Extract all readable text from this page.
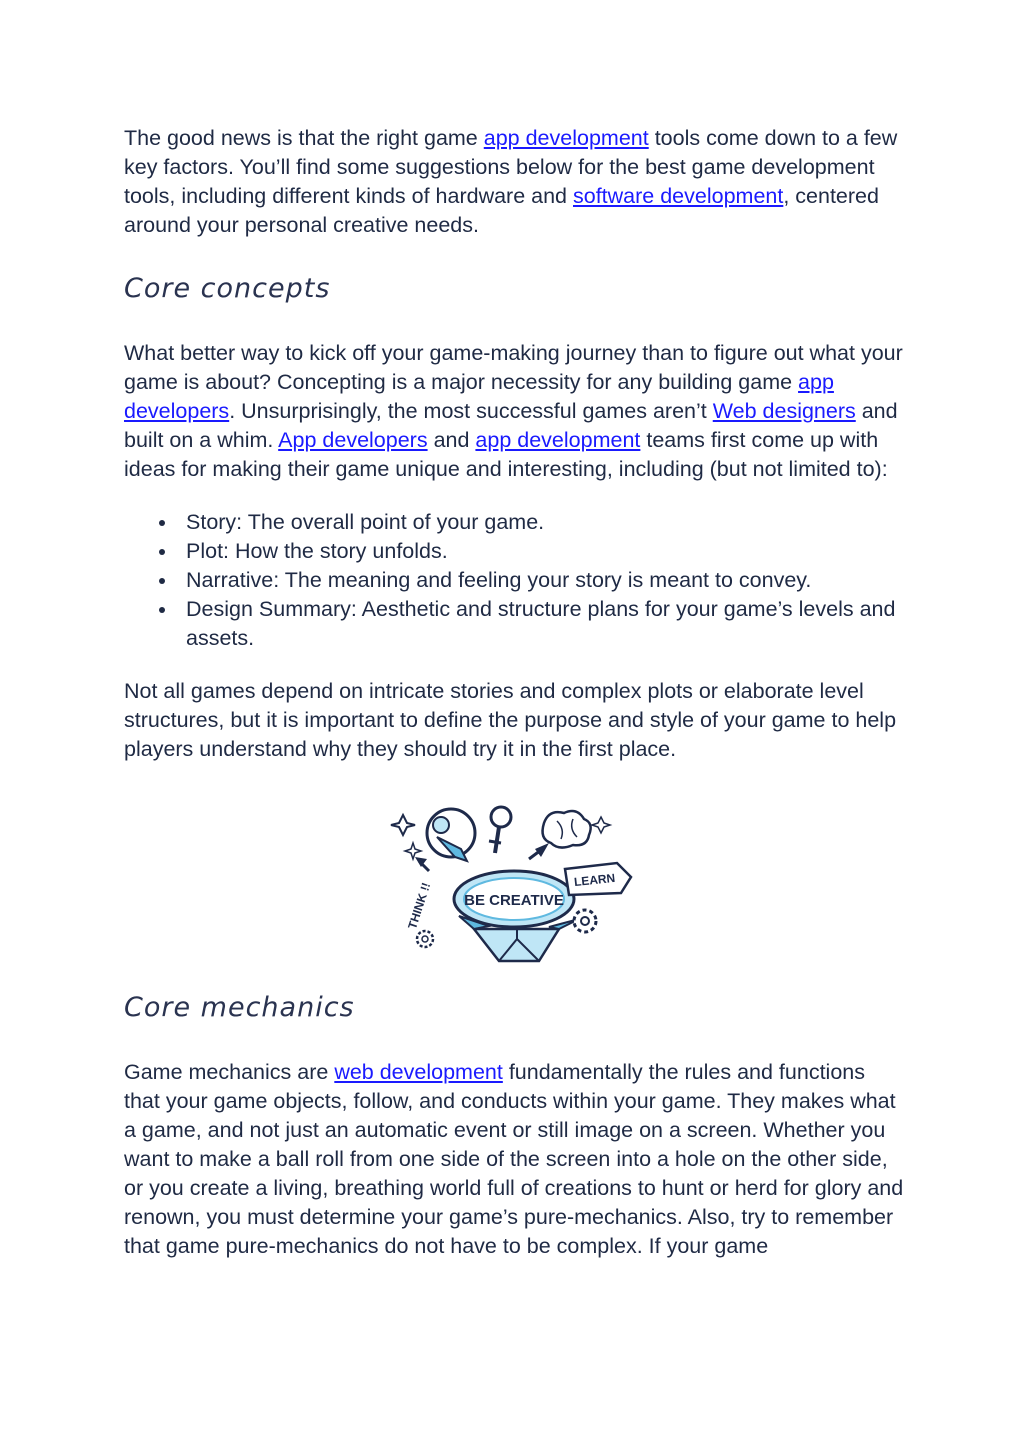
The good news is that the right game app development tools come down to a few key factors. You’ll find some suggestions below for the best game development tools, including different kinds of hardware and software development, centered around your personal creative needs.

Core concepts

What better way to kick off your game-making journey than to figure out what your game is about? Concepting is a major necessity for any building game app developers. Unsurprisingly, the most successful games aren’t Web designers and built on a whim. App developers and app development teams first come up with ideas for making their game unique and interesting, including (but not limited to):

Story: The overall point of your game.
Plot: How the story unfolds.
Narrative: The meaning and feeling your story is meant to convey.
Design Summary: Aesthetic and structure plans for your game’s levels and assets.

Not all games depend on intricate stories and complex plots or elaborate level structures, but it is important to define the purpose and style of your game to help players understand why they should try it in the first place.

BE CREATIVE
LEARN
THINK !!
Core mechanics

Game mechanics are web development fundamentally the rules and functions that your game objects, follow, and conducts within your game. They makes what a game, and not just an automatic event or still image on a screen. Whether you want to make a ball roll from one side of the screen into a hole on the other side, or you create a living, breathing world full of creations to hunt or herd for glory and renown, you must determine your game’s pure-mechanics. Also, try to remember that game pure-mechanics do not have to be complex. If your game
